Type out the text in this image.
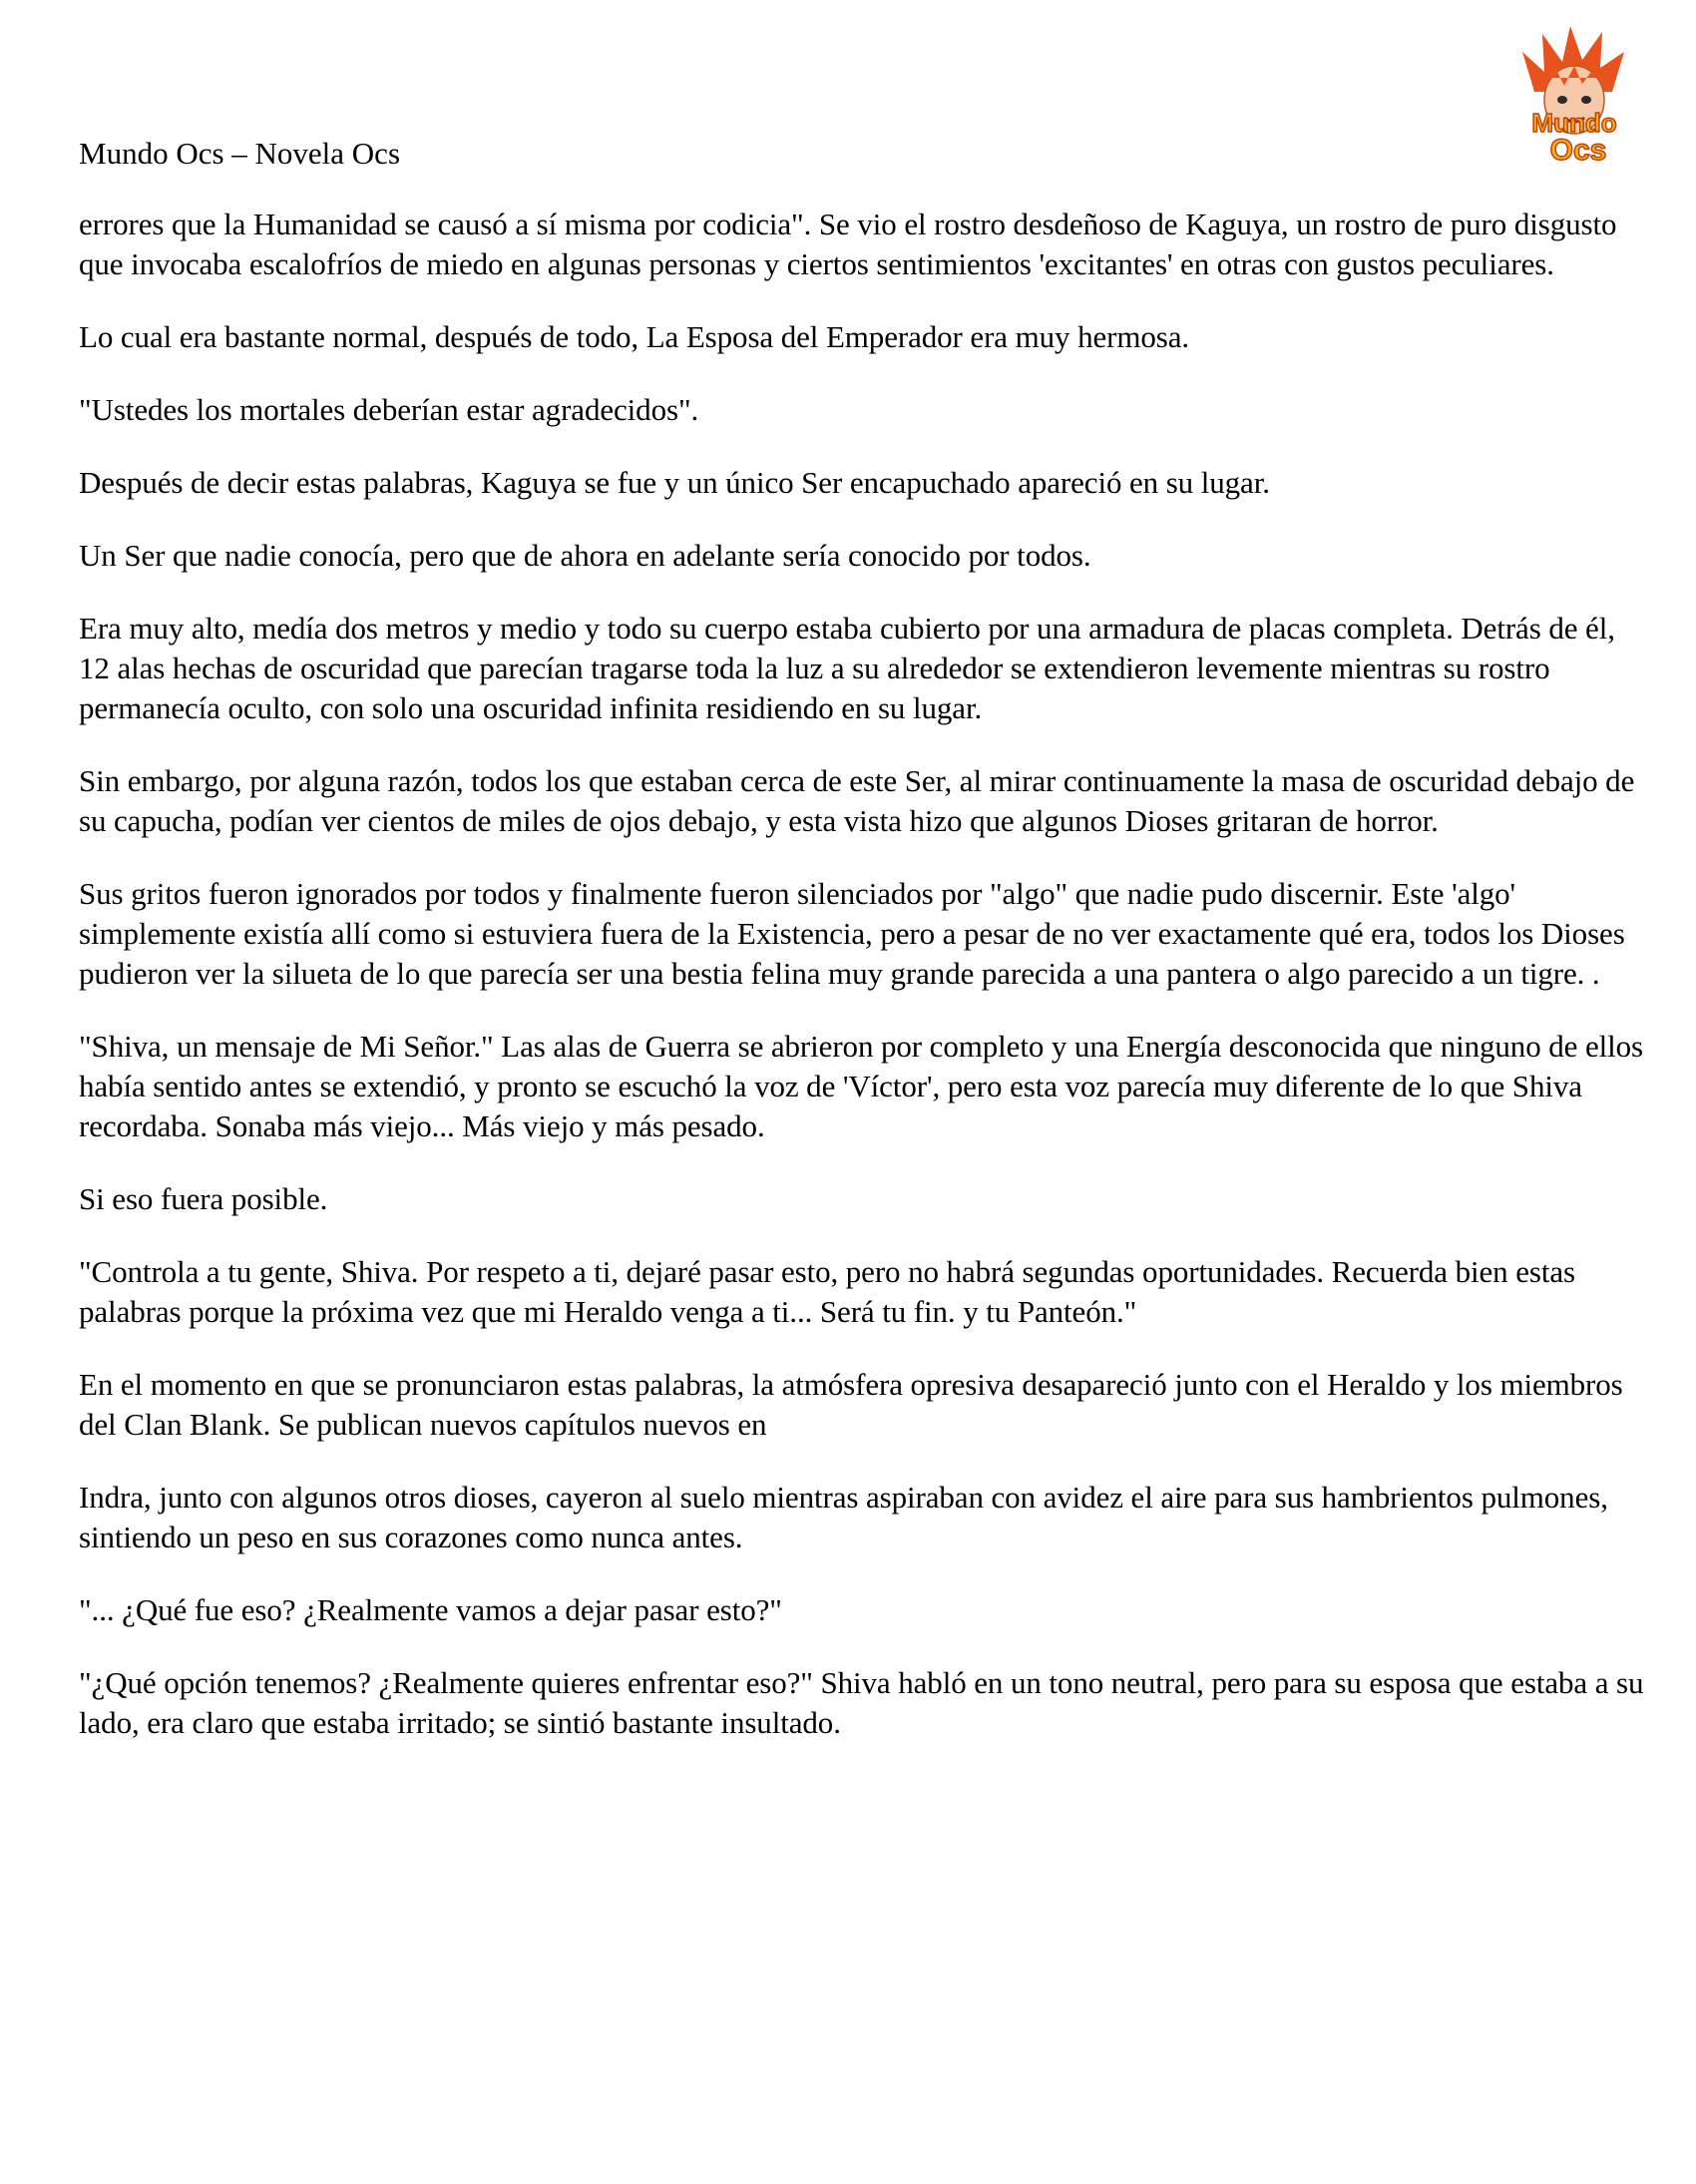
Mundo Ocs – Novela Ocs
Mundo
Ocs

errores que la Humanidad se causó a sí misma por codicia". Se vio el rostro desdeñoso de Kaguya, un rostro de puro disgusto que invocaba escalofríos de miedo en algunas personas y ciertos sentimientos 'excitantes' en otras con gustos peculiares.

Lo cual era bastante normal, después de todo, La Esposa del Emperador era muy hermosa.

"Ustedes los mortales deberían estar agradecidos".

Después de decir estas palabras, Kaguya se fue y un único Ser encapuchado apareció en su lugar.

Un Ser que nadie conocía, pero que de ahora en adelante sería conocido por todos.

Era muy alto, medía dos metros y medio y todo su cuerpo estaba cubierto por una armadura de placas completa. Detrás de él, 12 alas hechas de oscuridad que parecían tragarse toda la luz a su alrededor se extendieron levemente mientras su rostro permanecía oculto, con solo una oscuridad infinita residiendo en su lugar.

Sin embargo, por alguna razón, todos los que estaban cerca de este Ser, al mirar continuamente la masa de oscuridad debajo de su capucha, podían ver cientos de miles de ojos debajo, y esta vista hizo que algunos Dioses gritaran de horror.

Sus gritos fueron ignorados por todos y finalmente fueron silenciados por "algo" que nadie pudo discernir. Este 'algo' simplemente existía allí como si estuviera fuera de la Existencia, pero a pesar de no ver exactamente qué era, todos los Dioses pudieron ver la silueta de lo que parecía ser una bestia felina muy grande parecida a una pantera o algo parecido a un tigre. .

"Shiva, un mensaje de Mi Señor." Las alas de Guerra se abrieron por completo y una Energía desconocida que ninguno de ellos había sentido antes se extendió, y pronto se escuchó la voz de 'Víctor', pero esta voz parecía muy diferente de lo que Shiva recordaba. Sonaba más viejo... Más viejo y más pesado.

Si eso fuera posible.

"Controla a tu gente, Shiva. Por respeto a ti, dejaré pasar esto, pero no habrá segundas oportunidades. Recuerda bien estas palabras porque la próxima vez que mi Heraldo venga a ti... Será tu fin. y tu Panteón."

En el momento en que se pronunciaron estas palabras, la atmósfera opresiva desapareció junto con el Heraldo y los miembros del Clan Blank. Se publican nuevos capítulos nuevos en

Indra, junto con algunos otros dioses, cayeron al suelo mientras aspiraban con avidez el aire para sus hambrientos pulmones, sintiendo un peso en sus corazones como nunca antes.

"... ¿Qué fue eso? ¿Realmente vamos a dejar pasar esto?"

"¿Qué opción tenemos? ¿Realmente quieres enfrentar eso?" Shiva habló en un tono neutral, pero para su esposa que estaba a su lado, era claro que estaba irritado; se sintió bastante insultado.
